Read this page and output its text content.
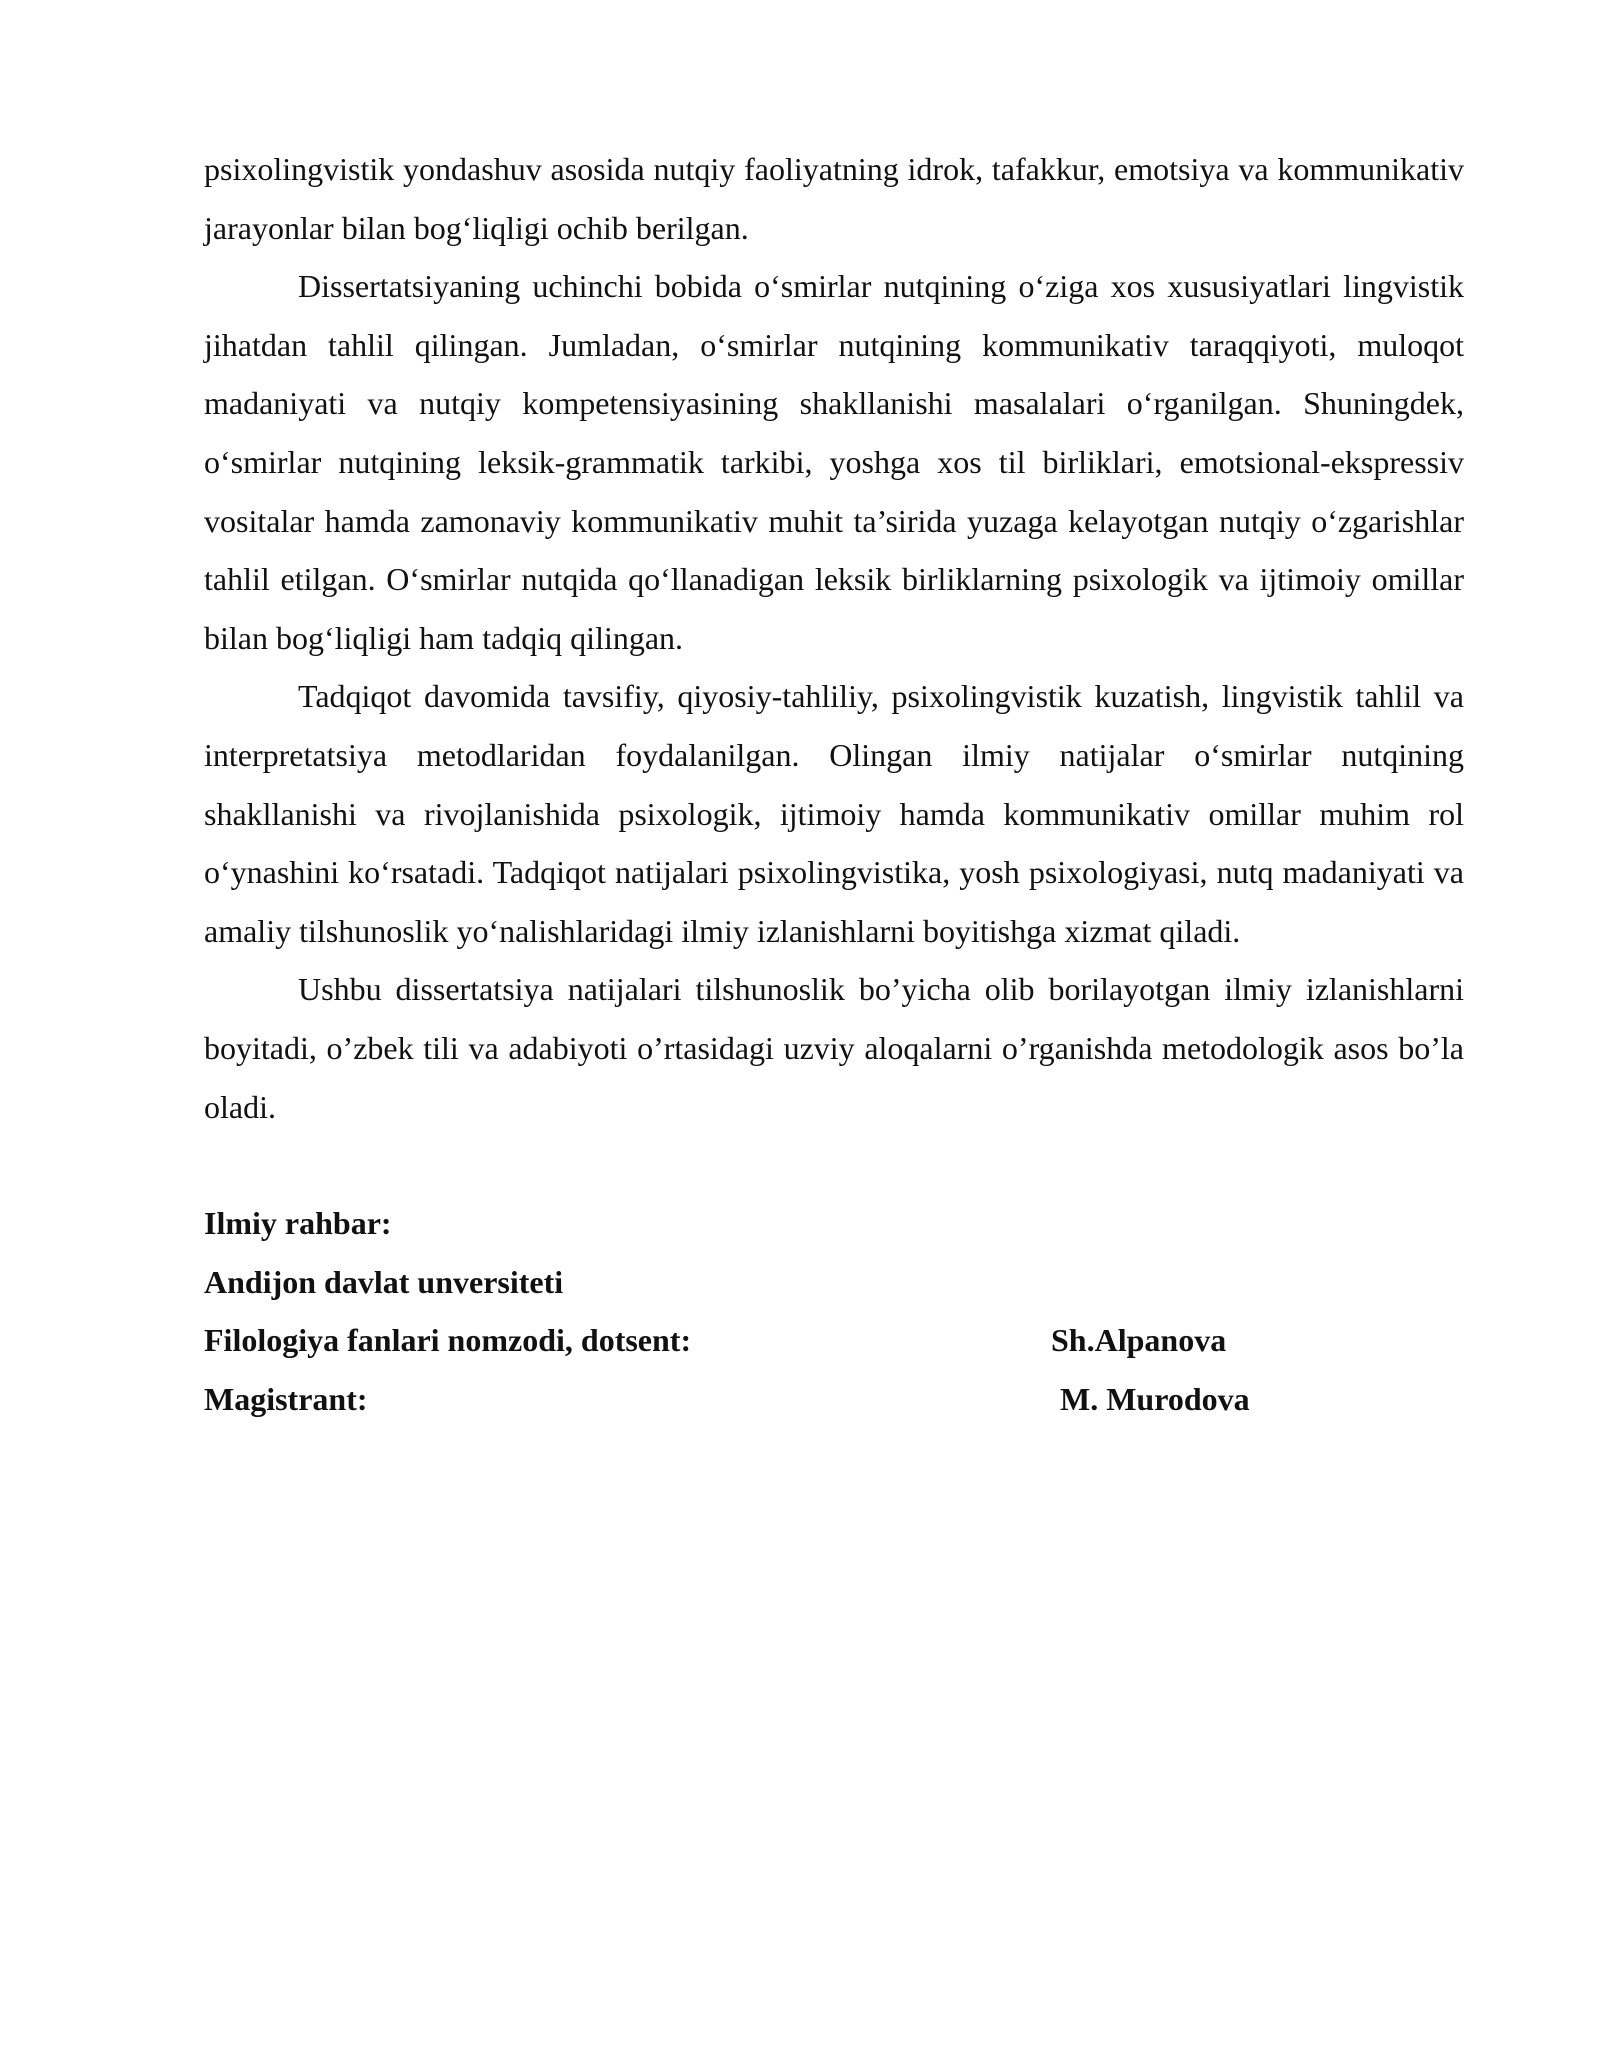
psixolingvistik yondashuv asosida nutqiy faoliyatning idrok, tafakkur, emotsiya va kommunikativ jarayonlar bilan bog‘liqligi ochib berilgan.

Dissertatsiyaning uchinchi bobida o‘smirlar nutqining o‘ziga xos xususiyatlari lingvistik jihatdan tahlil qilingan. Jumladan, o‘smirlar nutqining kommunikativ taraqqiyoti, muloqot madaniyati va nutqiy kompetensiyasining shakllanishi masalalari o‘rganilgan. Shuningdek, o‘smirlar nutqining leksik-grammatik tarkibi, yoshga xos til birliklari, emotsional-ekspressiv vositalar hamda zamonaviy kommunikativ muhit ta’sirida yuzaga kelayotgan nutqiy o‘zgarishlar tahlil etilgan. O‘smirlar nutqida qo‘llanadigan leksik birliklarning psixologik va ijtimoiy omillar bilan bog‘liqligi ham tadqiq qilingan.

Tadqiqot davomida tavsifiy, qiyosiy-tahliliy, psixolingvistik kuzatish, lingvistik tahlil va interpretatsiya metodlaridan foydalanilgan. Olingan ilmiy natijalar o‘smirlar nutqining shakllanishi va rivojlanishida psixologik, ijtimoiy hamda kommunikativ omillar muhim rol o‘ynashini ko‘rsatadi. Tadqiqot natijalari psixolingvistika, yosh psixologiyasi, nutq madaniyati va amaliy tilshunoslik yo‘nalishlaridagi ilmiy izlanishlarni boyitishga xizmat qiladi.

Ushbu dissertatsiya natijalari tilshunoslik bo’yicha olib borilayotgan ilmiy izlanishlarni boyitadi, o’zbek tili va adabiyoti o’rtasidagi uzviy aloqalarni o’rganishda metodologik asos bo’la oladi.

Ilmiy rahbar:
Andijon davlat unversiteti
Filologiya fanlari nomzodi, dotsent:	Sh.Alpanova
Magistrant:	M. Murodova
